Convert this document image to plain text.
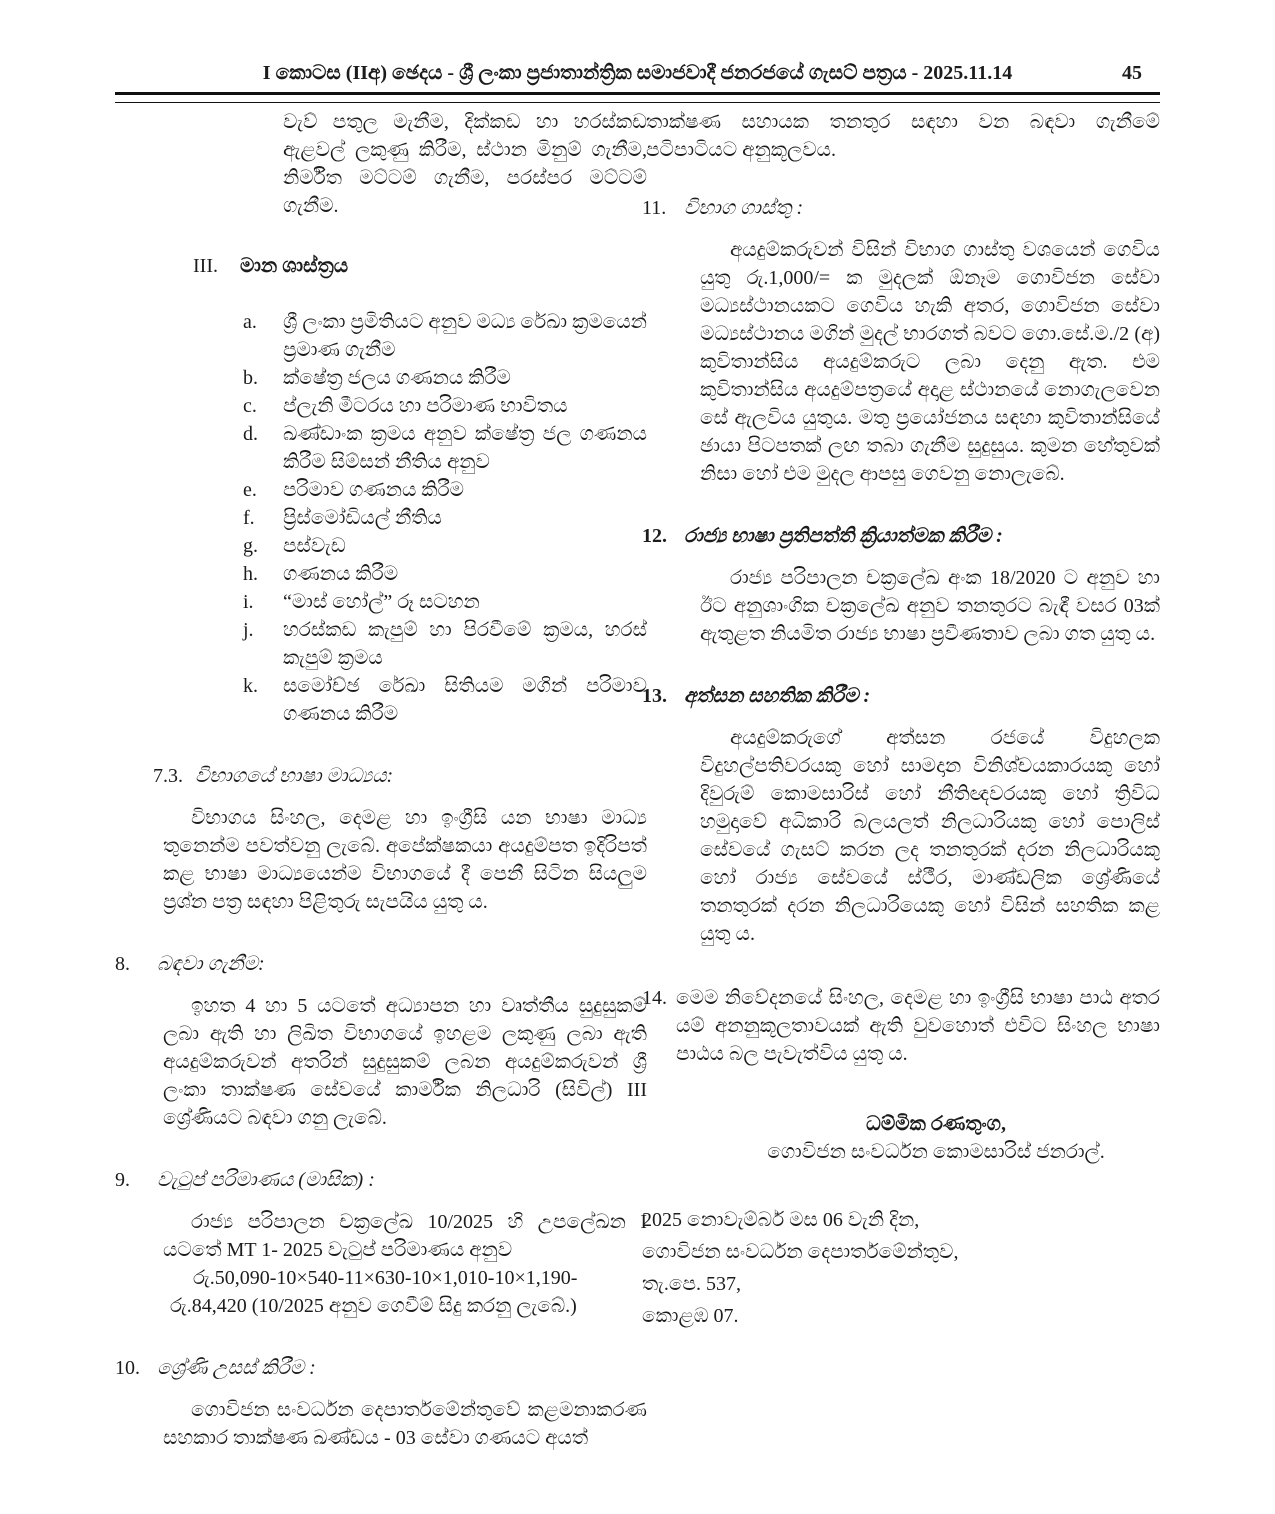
I කොටස (IIඅ) ඡෙදය - ශ්‍රී ලංකා ප්‍රජාතාන්ත්‍රික සමාජවාදී ජනරජයේ ගැසට් පත්‍රය - 2025.11.14	45

වැව් පතුල මැනීම, දික්කඩ හා හරස්කඩ ඇළවල් ලකුණු කිරීම, ස්ථාන මිනුම් ගැනීම, නිර්මිත මට්ටම් ගැනීම, පරස්පර මට්ටම් ගැනීම.

III. මාන ශාස්ත්‍රය

a. ශ්‍රී ලංකා ප්‍රමිතියට අනුව මධ්‍ය රේඛා ක්‍රමයෙන් ප්‍රමාණ ගැනීම

b. ක්ෂේත්‍ර ජලය ගණනය කිරීම

c. ප්ලැනි මීටරය හා පරිමාණ භාවිතය

d. ඛණ්ඩාංක ක්‍රමය අනුව ක්ෂේත්‍ර ජල ගණනය කිරීම සිම්සන් නීතිය අනුව

e. පරිමාව ගණනය කිරීම

f. ප්‍රිස්මෝඩියල් නීතිය

g. පස්වැඩ

h. ගණනය කිරීම

i. “මාස් හෝල්” රූ සටහන

j. හරස්කඩ කැපුම් හා පිරවීමේ ක්‍රමය, හරස් කැපුම් ක්‍රමය

k. සමෝච්ඡ රේඛා සිතියම මගින් පරිමාව ගණනය කිරීම

7.3. විභාගයේ භාෂා මාධ්‍යය:

විභාගය සිංහල, දෙමළ හා ඉංග්‍රීසි යන භාෂා මාධ්‍ය තුනෙන්ම පවත්වනු ලැබේ. අපේක්ෂකයා අයදුම්පත ඉදිරිපත් කළ භාෂා මාධ්‍යයෙන්ම විභාගයේ දී පෙනී සිටින සියලුම ප්‍රශ්න පත්‍ර සඳහා පිළිතුරු සැපයිය යුතු ය.

8.	බඳවා ගැනීම:

ඉහත 4 හා 5 යටතේ අධ්‍යාපන හා වෘත්තීය සුදුසුකම් ලබා ඇති හා ලිඛිත විභාගයේ ඉහළම ලකුණු ලබා ඇති අයදුම්කරුවන් අතරින් සුදුසුකම් ලබන අයදුම්කරුවන් ශ්‍රී ලංකා තාක්ෂණ සේවයේ කාර්මික නිලධාරි (සිවිල්) III ශ්‍රේණියට බඳවා ගනු ලැබේ.

9.	වැටුප් පරිමාණය (මාසික) :

රාජ්‍ය පරිපාලන චක්‍රලේඛ 10/2025 හි උපලේඛන I යටතේ MT 1- 2025 වැටුප් පරිමාණය අනුව

රු.50,090-10×540-11×630-10×1,010-10×1,190-

රු.84,420 (10/2025 අනුව ගෙවීම් සිදු කරනු ලැබේ.)

10. ශ්‍රේණි උසස් කිරීම :

ගොවිජන සංවර්ධන දෙපාර්තමේන්තුවේ කළමනාකරණ සහකාර තාක්ෂණ ඛණ්ඩය - 03 සේවා ගණයට අයත්

තාක්ෂණ සහායක තනතුර සඳහා වන බඳවා ගැනීමේ පටිපාටියට අනුකූලවය.

11. විභාග ගාස්තු :

අයදුම්කරුවන් විසින් විභාග ගාස්තු වශයෙන් ගෙවිය යුතු රු.1,000/= ක මුදලක් ඕනෑම ගොවිජන සේවා මධ්‍යස්ථානයකට ගෙවිය හැකි අතර, ගොවිජන සේවා මධ්‍යස්ථානය මගින් මුදල් භාරගත් බවට ගො.සේ.ම./2 (අ) කුවිතාන්සිය අයදුම්කරුට ලබා දෙනු ඇත. එම කුවිතාන්සිය අයදුම්පත්‍රයේ අදාළ ස්ථානයේ නොගැලවෙන සේ ඇලවිය යුතුය. මතු ප්‍රයෝජනය සඳහා කුවිතාන්සියේ ඡායා පිටපතක් ලඟ තබා ගැනීම සුදුසුය. කුමන හේතුවක් නිසා හෝ එම මුදල ආපසු ගෙවනු නොලැබේ.

12. රාජ්‍ය භාෂා ප්‍රතිපත්ති ක්‍රියාත්මක කිරීම :

රාජ්‍ය පරිපාලන චක්‍රලේඛ අංක 18/2020 ට අනුව හා ඊට අනුශාංගික චක්‍රලේඛ අනුව තනතුරට බැඳී වසර 03ක් ඇතුළත නියමිත රාජ්‍ය භාෂා ප්‍රවීණතාව ලබා ගත යුතු ය.

13. අත්සන සහතික කිරීම :

අයදුම්කරුගේ අත්සන රජයේ විදුහලක විදුහල්පතිවරයකු හෝ සාමදාන විනිශ්චයකාරයකු හෝ දිවුරුම් කොමසාරිස් හෝ නීතිඥවරයකු හෝ ත්‍රිවිධ හමුදාවේ අධිකාරි බලයලත් නිලධාරියකු හෝ පොලිස් සේවයේ ගැසට් කරන ලද තනතුරක් දරන නිලධාරියකු හෝ රාජ්‍ය සේවයේ ස්ථීර, මාණ්ඩලික ශ්‍රේණියේ තනතුරක් දරන නිලධාරියෙකු හෝ විසින් සහතික කළ යුතු ය.

14. මෙම නිවේදනයේ සිංහල, දෙමළ හා ඉංග්‍රීසි භාෂා පාඨ අතර යම් අනනුකූලතාවයක් ඇති වුවහොත් එවිට සිංහල භාෂා පාඨය බල පැවැත්විය යුතු ය.
ධම්මික රණතුංග,
ගොවිජන සංවර්ධන කොමසාරිස් ජනරාල්.
2025 නොවැම්බර් මස 06 වැනි දින,
ගොවිජන සංවර්ධන දෙපාර්තමේන්තුව,
තැ.පෙ. 537,
කොළඹ 07.
